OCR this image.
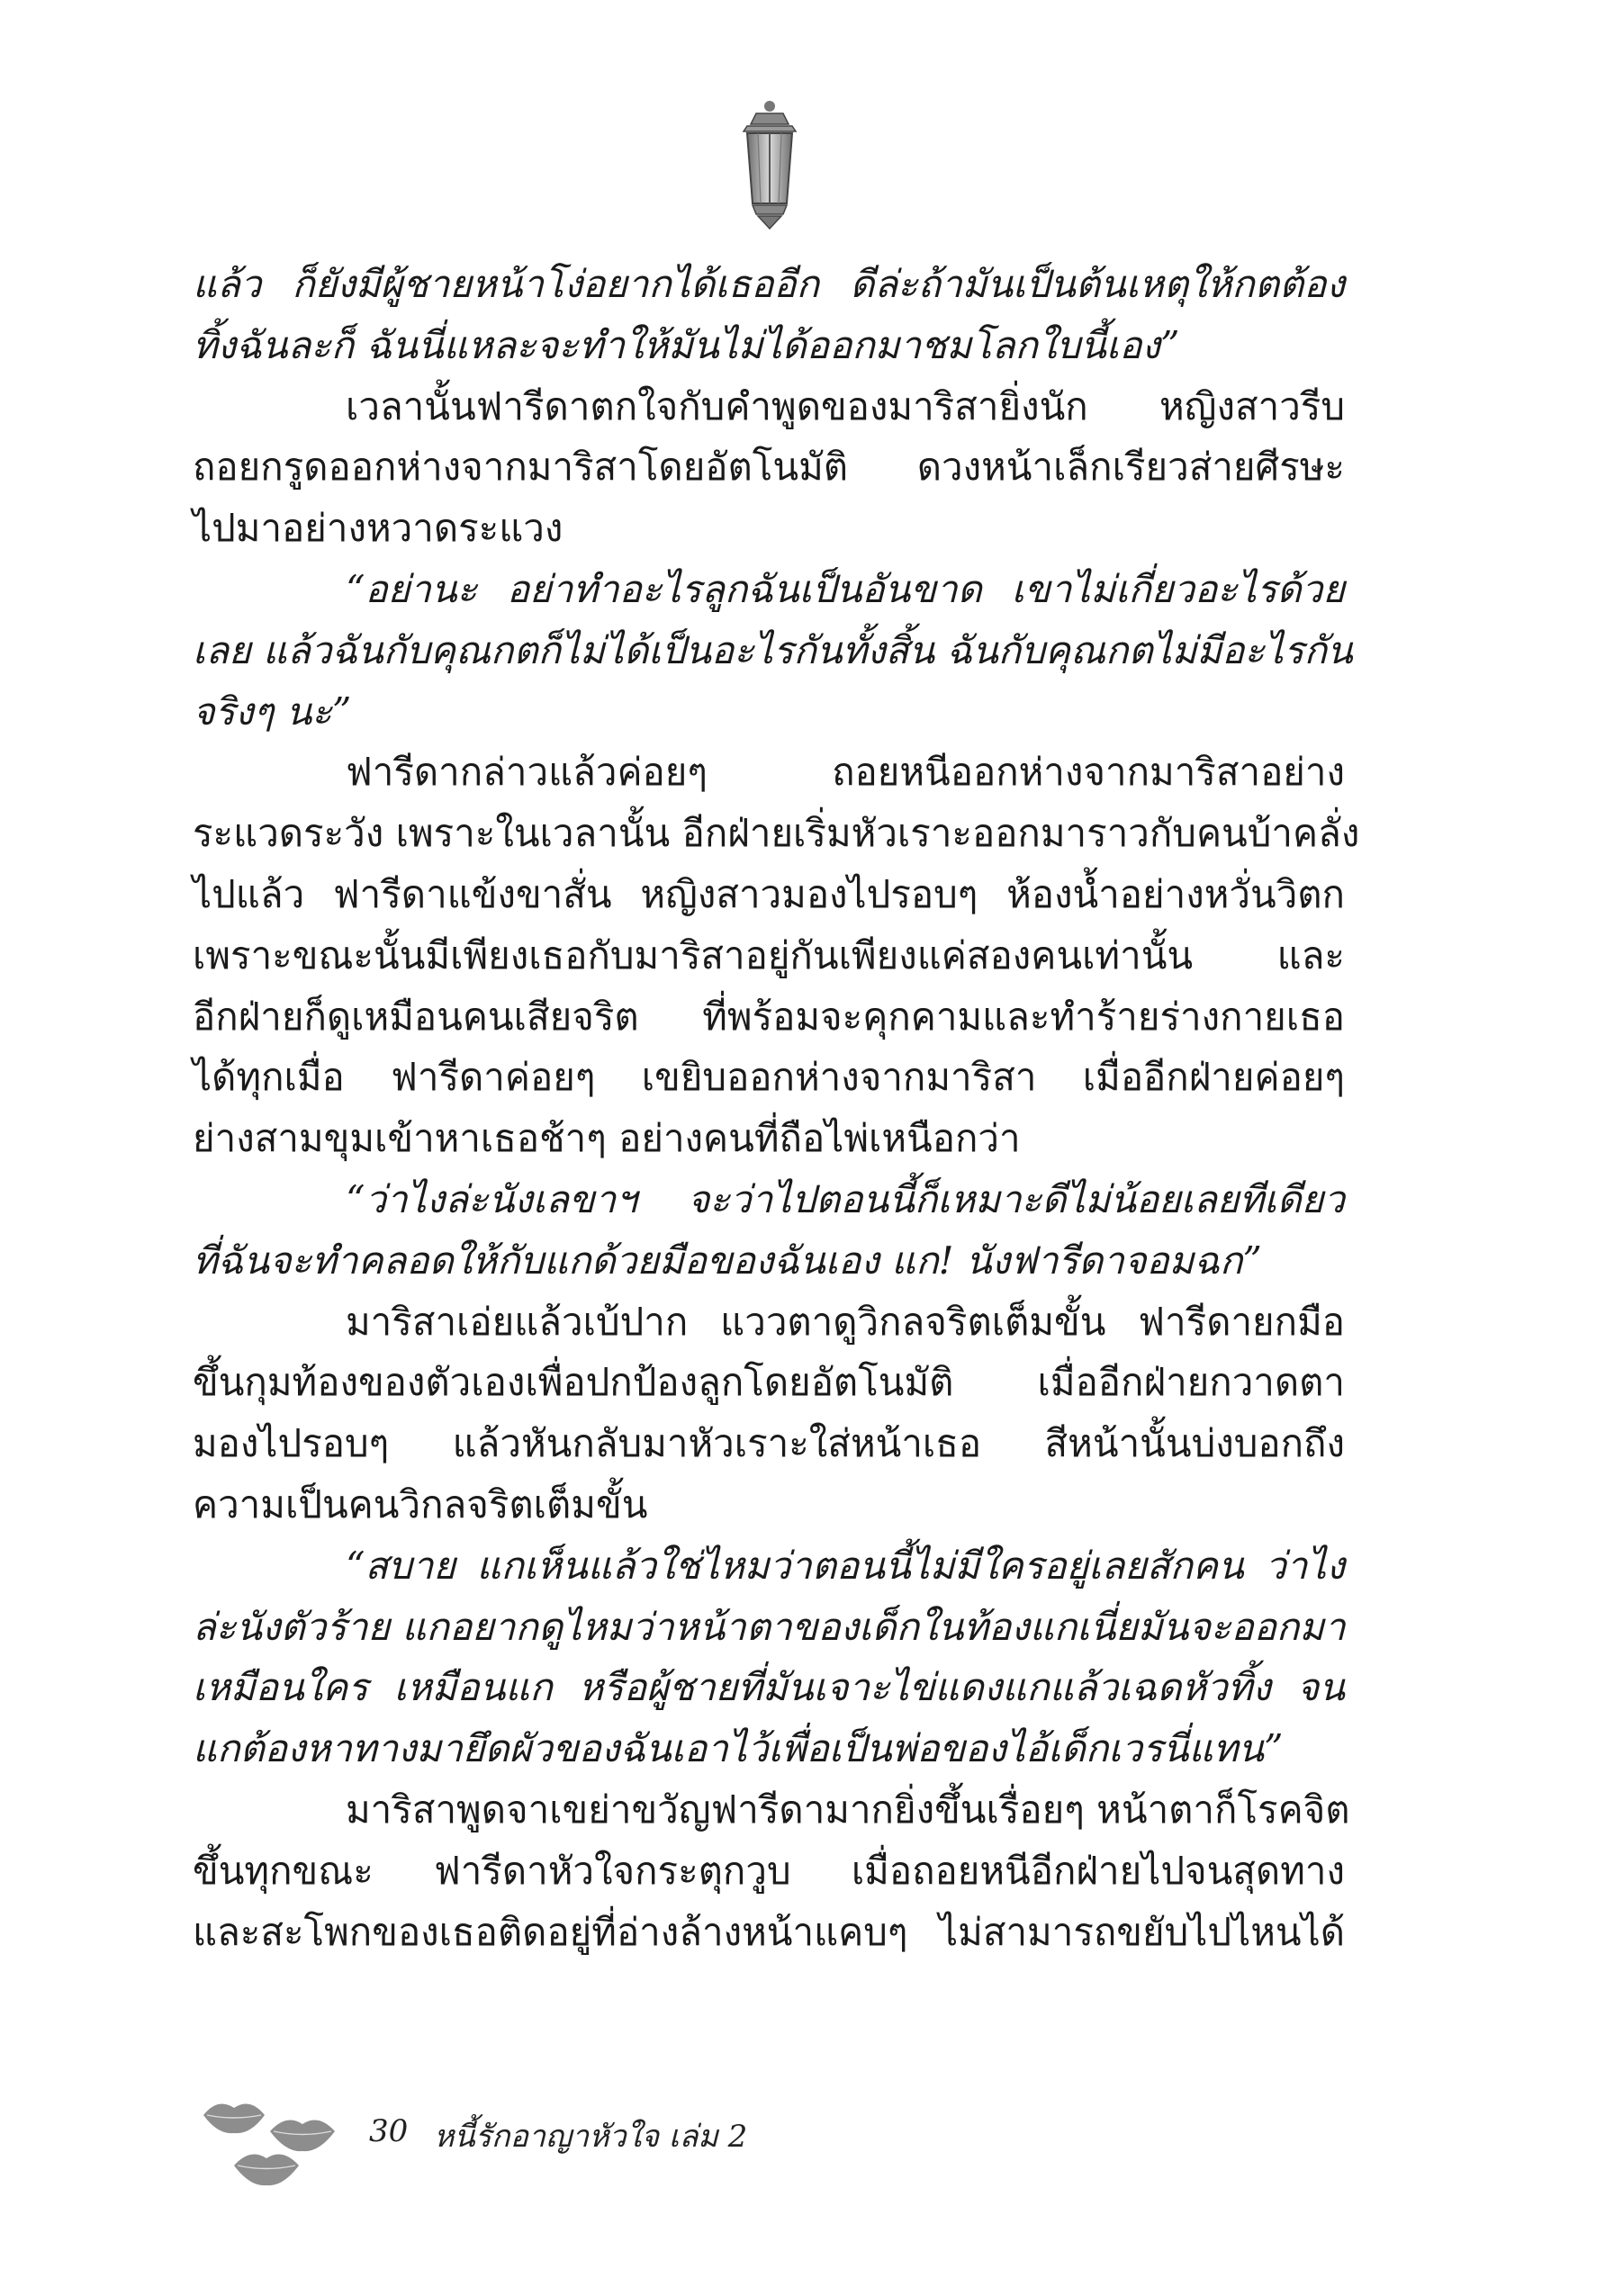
แล้ว ก็ยังมีผู้ชายหน้าโง่อยากได้เธออีก ดีล่ะถ้ามันเป็นต้นเหตุให้กตต้อง
ทิ้งฉันละก็ ฉันนี่แหละจะทำให้มันไม่ได้ออกมาชมโลกใบนี้เอง”
เวลานั้นฟารีดาตกใจกับคำพูดของมาริสายิ่งนัก หญิงสาวรีบ
ถอยกรูดออกห่างจากมาริสาโดยอัตโนมัติ ดวงหน้าเล็กเรียวส่ายศีรษะ
ไปมาอย่างหวาดระแวง
“อย่านะ อย่าทำอะไรลูกฉันเป็นอันขาด เขาไม่เกี่ยวอะไรด้วย
เลย แล้วฉันกับคุณกตก็ไม่ได้เป็นอะไรกันทั้งสิ้น ฉันกับคุณกตไม่มีอะไรกัน
จริงๆ นะ”
ฟารีดากล่าวแล้วค่อยๆ ถอยหนีออกห่างจากมาริสาอย่าง
ระแวดระวัง เพราะในเวลานั้น อีกฝ่ายเริ่มหัวเราะออกมาราวกับคนบ้าคลั่ง
ไปแล้ว ฟารีดาแข้งขาสั่น หญิงสาวมองไปรอบๆ ห้องน้ำอย่างหวั่นวิตก
เพราะขณะนั้นมีเพียงเธอกับมาริสาอยู่กันเพียงแค่สองคนเท่านั้น และ
อีกฝ่ายก็ดูเหมือนคนเสียจริต ที่พร้อมจะคุกคามและทำร้ายร่างกายเธอ
ได้ทุกเมื่อ ฟารีดาค่อยๆ เขยิบออกห่างจากมาริสา เมื่ออีกฝ่ายค่อยๆ
ย่างสามขุมเข้าหาเธอช้าๆ อย่างคนที่ถือไพ่เหนือกว่า
“ว่าไงล่ะนังเลขาฯ จะว่าไปตอนนี้ก็เหมาะดีไม่น้อยเลยทีเดียว
ที่ฉันจะทำคลอดให้กับแกด้วยมือของฉันเอง แก! นังฟารีดาจอมฉก”
มาริสาเอ่ยแล้วเบ้ปาก แววตาดูวิกลจริตเต็มขั้น ฟารีดายกมือ
ขึ้นกุมท้องของตัวเองเพื่อปกป้องลูกโดยอัตโนมัติ เมื่ออีกฝ่ายกวาดตา
มองไปรอบๆ แล้วหันกลับมาหัวเราะใส่หน้าเธอ สีหน้านั้นบ่งบอกถึง
ความเป็นคนวิกลจริตเต็มขั้น
“สบาย แกเห็นแล้วใช่ไหมว่าตอนนี้ไม่มีใครอยู่เลยสักคน ว่าไง
ล่ะนังตัวร้าย แกอยากดูไหมว่าหน้าตาของเด็กในท้องแกเนี่ยมันจะออกมา
เหมือนใคร เหมือนแก หรือผู้ชายที่มันเจาะไข่แดงแกแล้วเฉดหัวทิ้ง จน
แกต้องหาทางมายึดผัวของฉันเอาไว้เพื่อเป็นพ่อของไอ้เด็กเวรนี่แทน”
มาริสาพูดจาเขย่าขวัญฟารีดามากยิ่งขึ้นเรื่อยๆ หน้าตาก็โรคจิต
ขึ้นทุกขณะ ฟารีดาหัวใจกระตุกวูบ เมื่อถอยหนีอีกฝ่ายไปจนสุดทาง
และสะโพกของเธอติดอยู่ที่อ่างล้างหน้าแคบๆ ไม่สามารถขยับไปไหนได้
30 หนี้รักอาญาหัวใจ เล่ม 2
